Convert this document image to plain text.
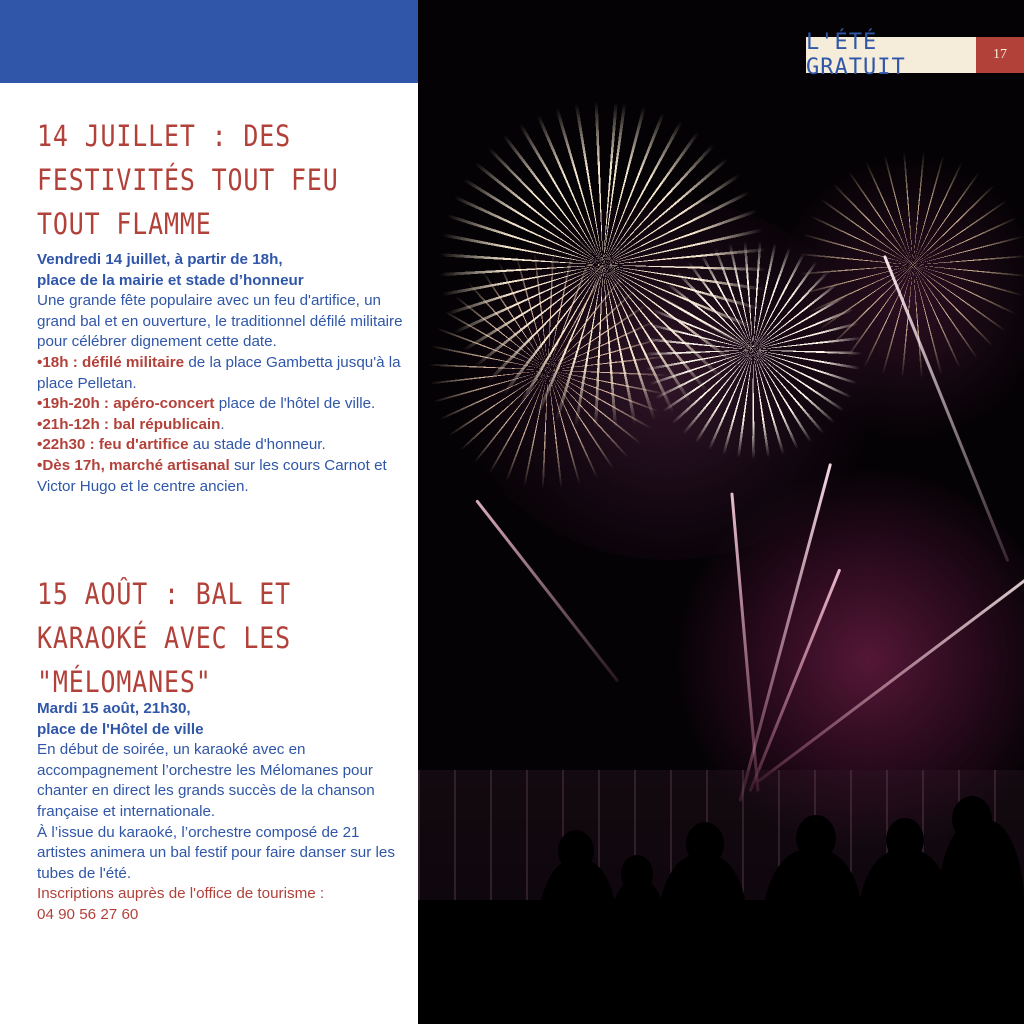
14 JUILLET : DES
FESTIVITÉS TOUT FEU
TOUT FLAMME
Vendredi 14 juillet, à partir de 18h,
place de la mairie et stade d’honneur

Une grande fête populaire avec un feu d'artifice, un grand bal et en ouverture, le traditionnel défilé militaire pour célébrer dignement cette date.

•18h : défilé militaire de la place Gambetta jusqu'à la place Pelletan.

•19h-20h : apéro-concert place de l'hôtel de ville.

•21h-12h : bal républicain.

•22h30 : feu d'artifice au stade d'honneur.

•Dès 17h, marché artisanal sur les cours Carnot et Victor Hugo et le centre ancien.

15 AOÛT : BAL ET
KARAOKÉ AVEC LES
"MÉLOMANES"
Mardi 15 août, 21h30,
place de l'Hôtel de ville

En début de soirée, un karaoké avec en accompagnement l’orchestre les Mélomanes pour chanter en direct les grands succès de la chanson française et internationale.

À l’issue du karaoké, l’orchestre composé de 21 artistes animera un bal festif pour faire danser sur les tubes de l'été.

Inscriptions auprès de l'office de tourisme :

04 90 56 27 60

L'ÉTÉ GRATUIT
17
